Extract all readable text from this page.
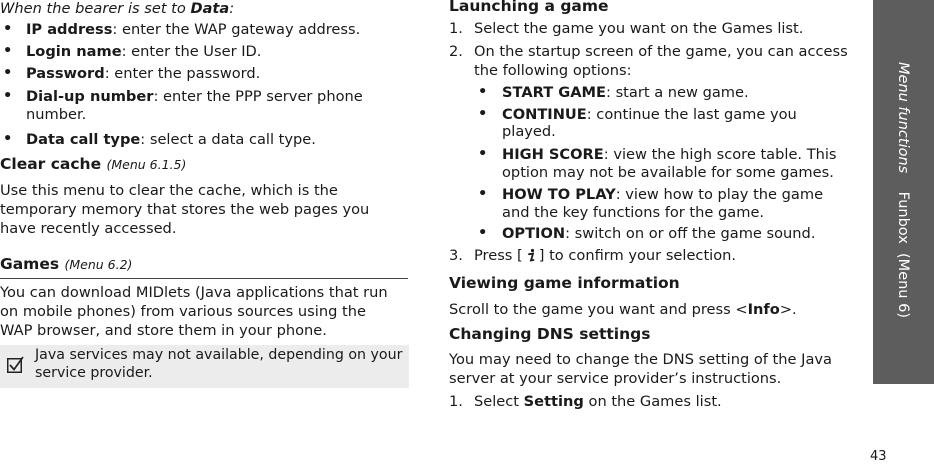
When the bearer is set to Data:
• IP address: enter the WAP gateway address.
• Login name: enter the User ID.
• Password: enter the password.
• Dial-up number: enter the PPP server phone
number.
• Data call type: select a data call type.
Clear cache (Menu 6.1.5)
Use this menu to clear the cache, which is the
temporary memory that stores the web pages you
have recently accessed.
Games (Menu 6.2)
You can download MIDlets (Java applications that run
on mobile phones) from various sources using the
WAP browser, and store them in your phone.
Java services may not available, depending on your
service provider.
Launching a game
1. Select the game you want on the Games list.
2. On the startup screen of the game, you can access
the following options:
• START GAME: start a new game.
• CONTINUE: continue the last game you
played.
• HIGH SCORE: view the high score table. This
option may not be available for some games.
• HOW TO PLAY: view how to play the game
and the key functions for the game.
• OPTION: switch on or off the game sound.
3. Press [ ] to confirm your selection.
Viewing game information
Scroll to the game you want and press <Info>.
Changing DNS settings
You may need to change the DNS setting of the Java
server at your service provider’s instructions.
1. Select Setting on the Games list.
Menu functions    Funbox  (Menu 6)
43
